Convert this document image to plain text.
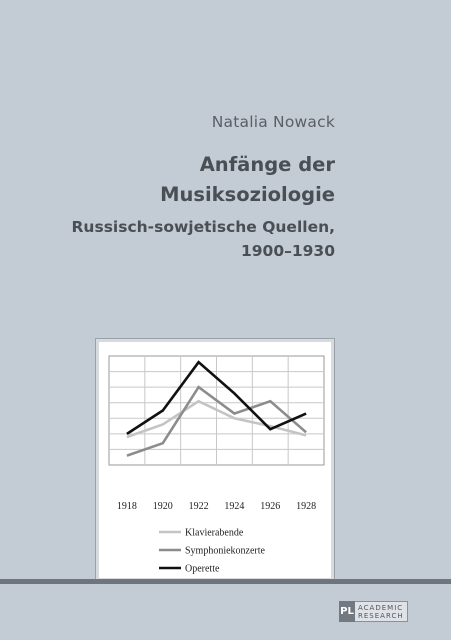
Natalia Nowack
Anfänge der
Musiksoziologie
Russisch-sowjetische Quellen,
1900–1930
1918 1920 1922 1924 1926 1928
Klavierabende
Symphoniekonzerte
Operette
PL ACADEMIC
RESEARCH
